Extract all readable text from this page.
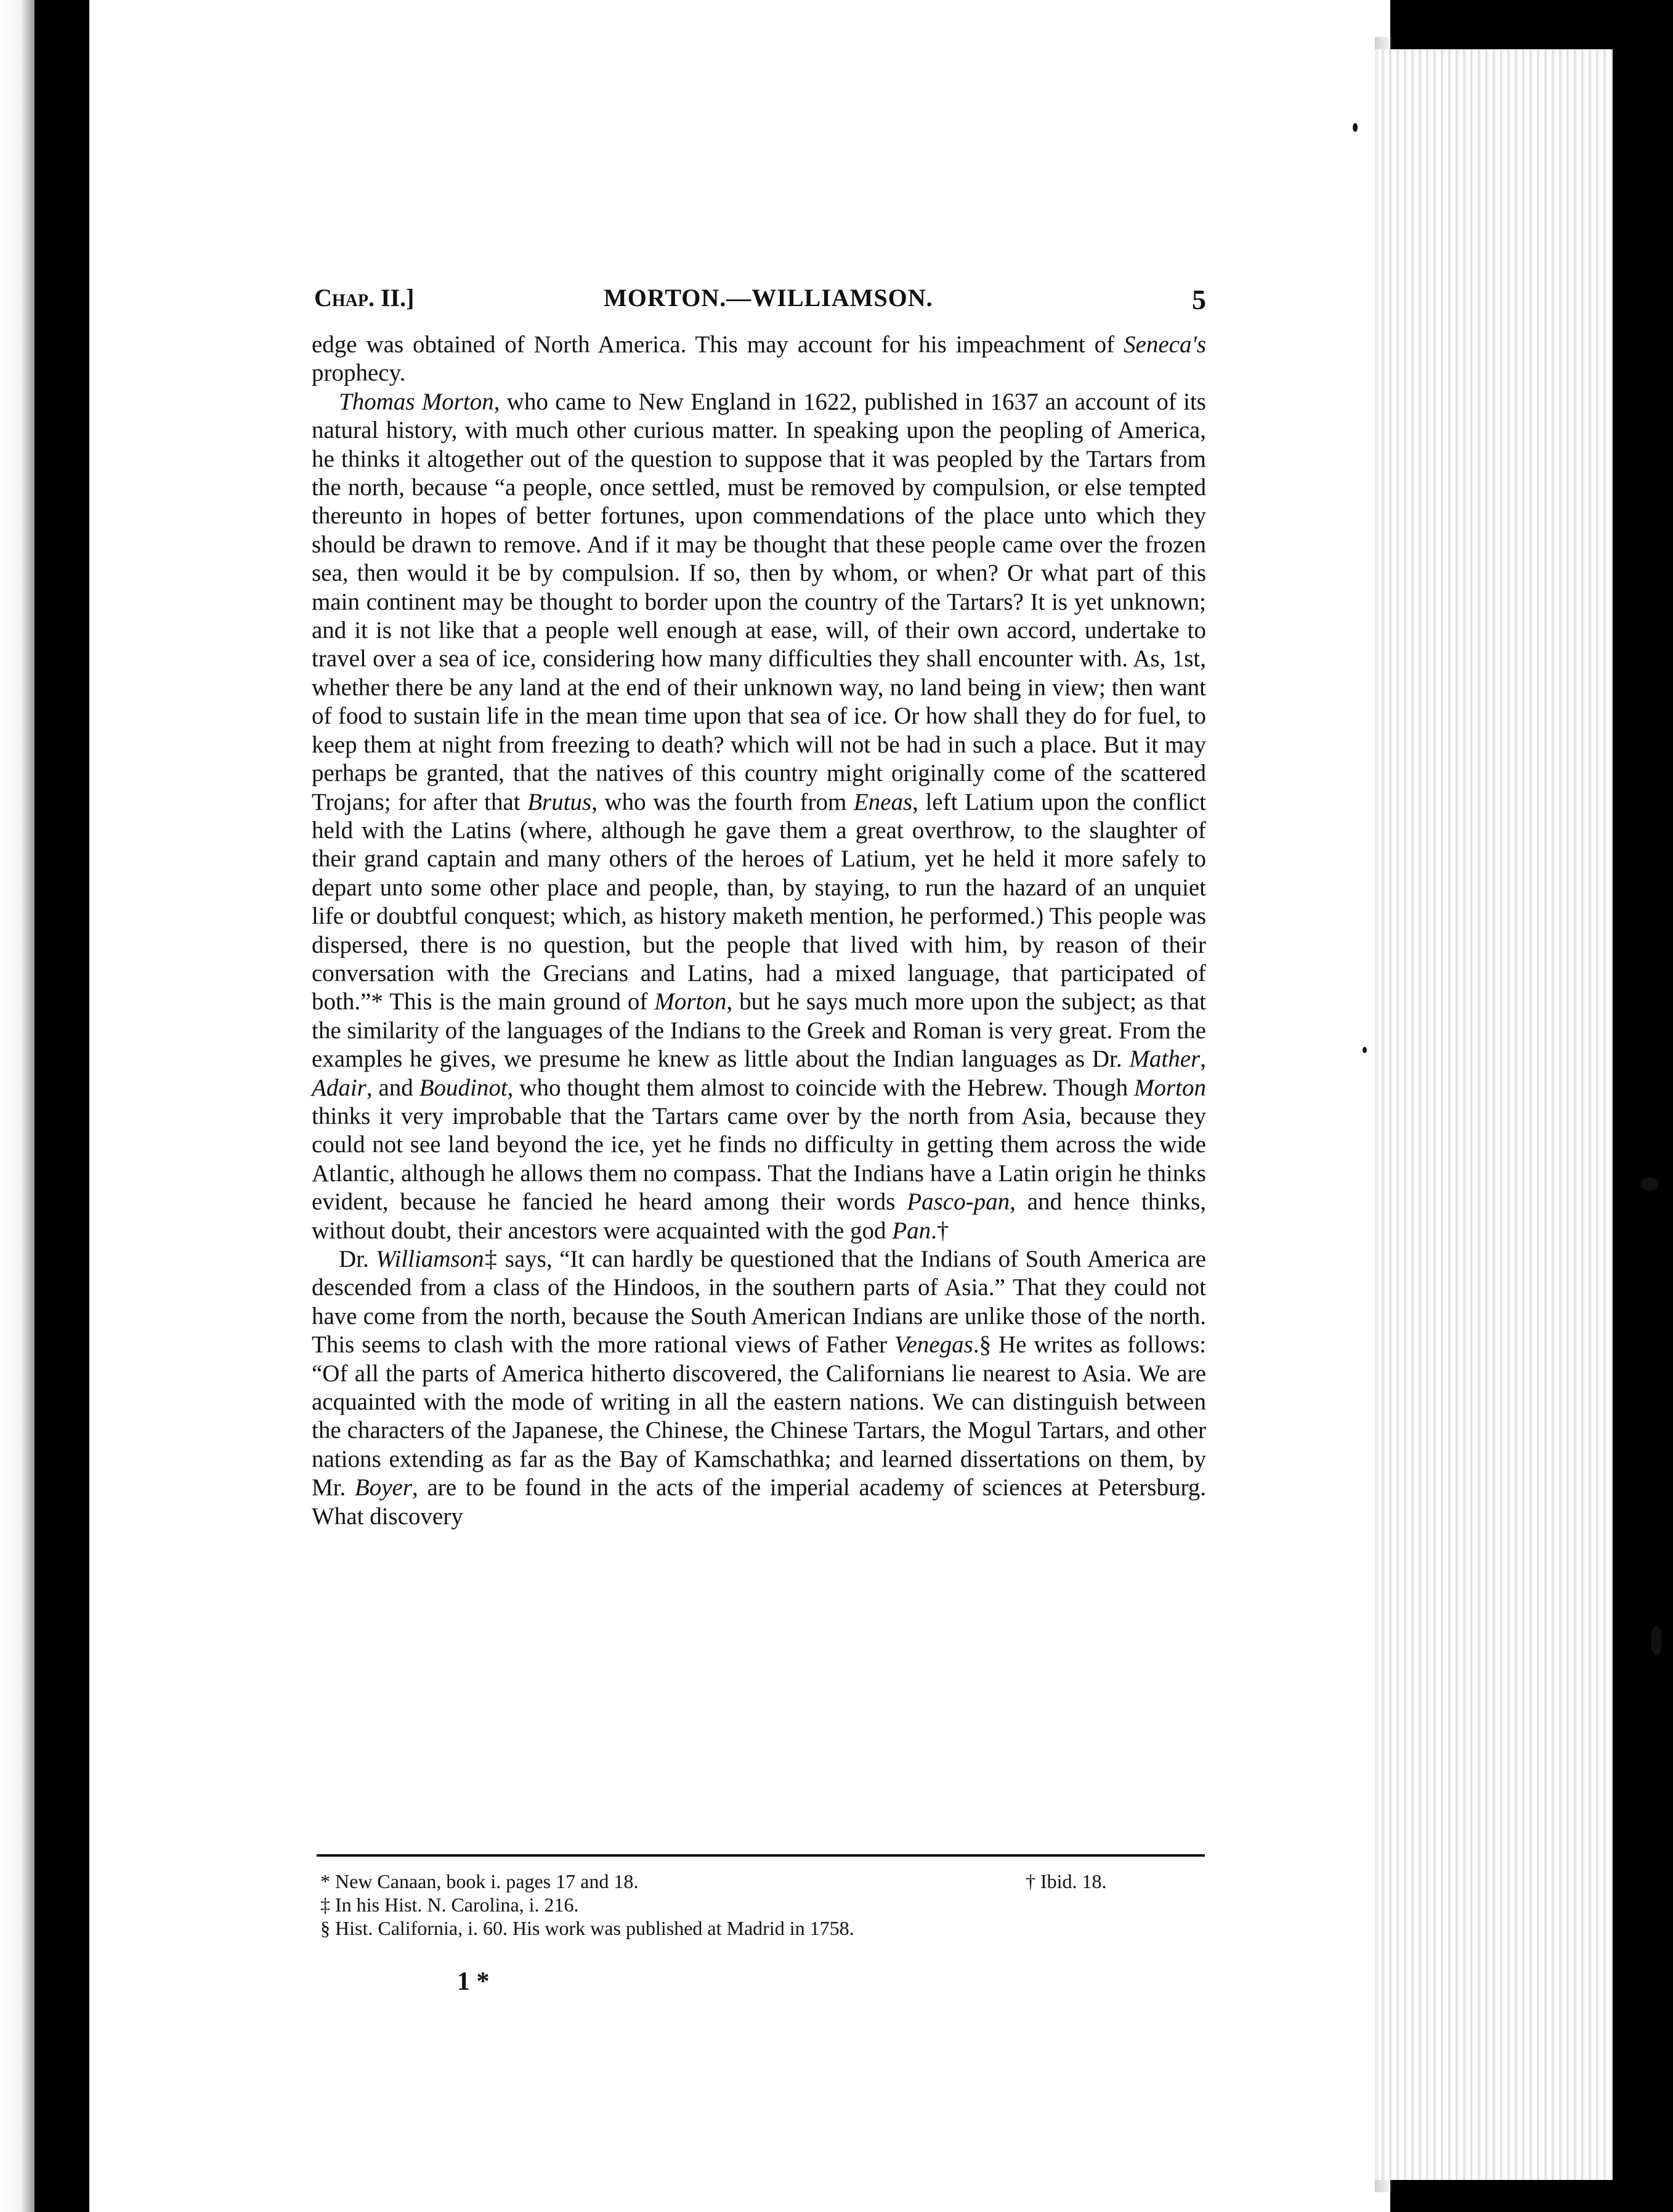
Chap. II.]	MORTON.—WILLIAMSON.	5

edge was obtained of North America. This may account for his impeachment of Seneca's prophecy.

Thomas Morton, who came to New England in 1622, published in 1637 an account of its natural history, with much other curious matter. In speaking upon the peopling of America, he thinks it altogether out of the question to suppose that it was peopled by the Tartars from the north, because “a people, once settled, must be removed by compulsion, or else tempted thereunto in hopes of better fortunes, upon commendations of the place unto which they should be drawn to remove. And if it may be thought that these people came over the frozen sea, then would it be by compulsion. If so, then by whom, or when? Or what part of this main continent may be thought to border upon the country of the Tartars? It is yet unknown; and it is not like that a people well enough at ease, will, of their own accord, undertake to travel over a sea of ice, considering how many difficulties they shall encounter with. As, 1st, whether there be any land at the end of their unknown way, no land being in view; then want of food to sustain life in the mean time upon that sea of ice. Or how shall they do for fuel, to keep them at night from freezing to death? which will not be had in such a place. But it may perhaps be granted, that the natives of this country might originally come of the scattered Trojans; for after that Brutus, who was the fourth from Eneas, left Latium upon the conflict held with the Latins (where, although he gave them a great overthrow, to the slaughter of their grand captain and many others of the heroes of Latium, yet he held it more safely to depart unto some other place and people, than, by staying, to run the hazard of an unquiet life or doubtful conquest; which, as history maketh mention, he performed.) This people was dispersed, there is no question, but the people that lived with him, by reason of their conversation with the Grecians and Latins, had a mixed language, that participated of both.”* This is the main ground of Morton, but he says much more upon the subject; as that the similarity of the languages of the Indians to the Greek and Roman is very great. From the examples he gives, we presume he knew as little about the Indian languages as Dr. Mather, Adair, and Boudinot, who thought them almost to coincide with the Hebrew. Though Morton thinks it very improbable that the Tartars came over by the north from Asia, because they could not see land beyond the ice, yet he finds no difficulty in getting them across the wide Atlantic, although he allows them no compass. That the Indians have a Latin origin he thinks evident, because he fancied he heard among their words Pasco-pan, and hence thinks, without doubt, their ancestors were acquainted with the god Pan.†

Dr. Williamson‡ says, “It can hardly be questioned that the Indians of South America are descended from a class of the Hindoos, in the southern parts of Asia.” That they could not have come from the north, because the South American Indians are unlike those of the north. This seems to clash with the more rational views of Father Venegas.§ He writes as follows: “Of all the parts of America hitherto discovered, the Californians lie nearest to Asia. We are acquainted with the mode of writing in all the eastern nations. We can distinguish between the characters of the Japanese, the Chinese, the Chinese Tartars, the Mogul Tartars, and other nations extending as far as the Bay of Kamschathka; and learned dissertations on them, by Mr. Boyer, are to be found in the acts of the imperial academy of sciences at Petersburg. What discovery

* New Canaan, book i. pages 17 and 18.	† Ibid. 18.
‡ In his Hist. N. Carolina, i. 216.
§ Hist. California, i. 60. His work was published at Madrid in 1758.
1 *
